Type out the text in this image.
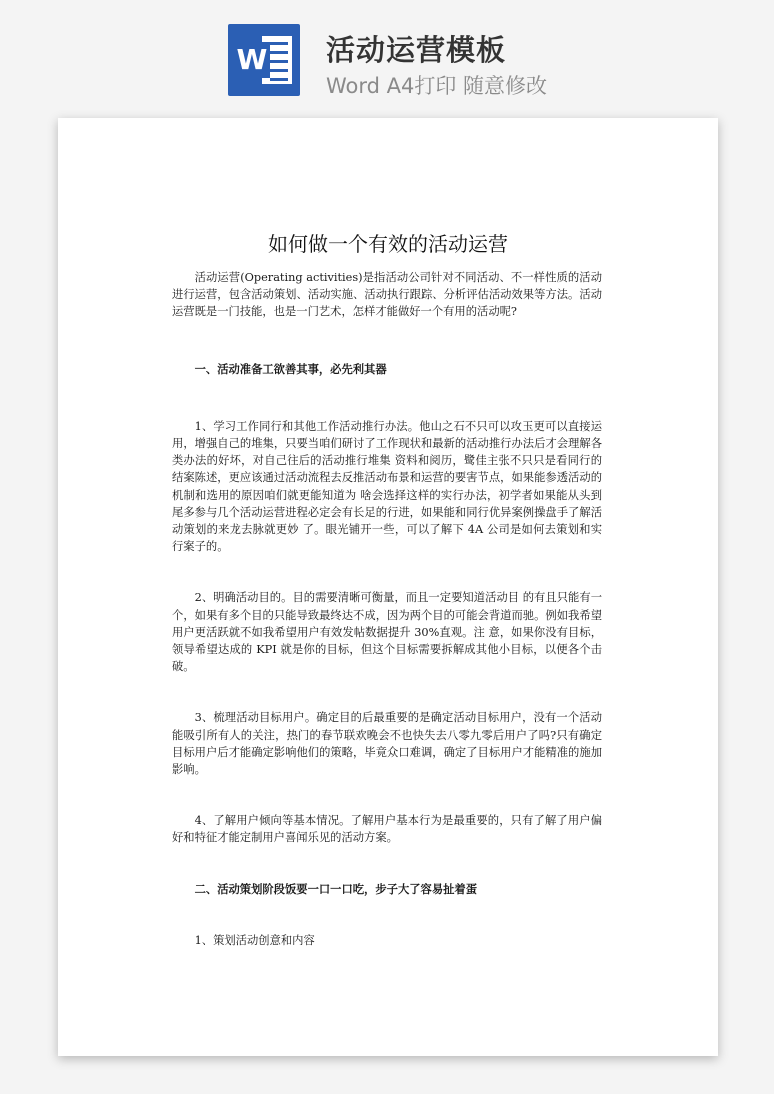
W 活动运营模板
Word A4打印 随意修改
如何做一个有效的活动运营

活动运营(Operating activities)是指活动公司针对不同活动、不一样性质的活动进行运营，包含活动策划、活动实施、活动执行跟踪、分析评估活动效果等方法。活动运营既是一门技能，也是一门艺术，怎样才能做好一个有用的活动呢?

一、活动准备工欲善其事，必先利其器

1、学习工作同行和其他工作活动推行办法。他山之石不只可以攻玉更可以直接运用，增强自己的堆集，只要当咱们研讨了工作现状和最新的活动推行办法后才会理解各类办法的好坏，对自己往后的活动推行堆集 资料和阅历，鹭佳主张不只只是看同行的结案陈述，更应该通过活动流程去反推活动布景和运营的要害节点，如果能参透活动的机制和选用的原因咱们就更能知道为 啥会选择这样的实行办法，初学者如果能从头到尾多参与几个活动运营进程必定会有长足的行进，如果能和同行优异案例操盘手了解活动策划的来龙去脉就更妙 了。眼光铺开一些，可以了解下 4A 公司是如何去策划和实行案子的。

2、明确活动目的。目的需要清晰可衡量，而且一定要知道活动目 的有且只能有一个，如果有多个目的只能导致最终达不成，因为两个目的可能会背道而驰。例如我希望用户更活跃就不如我希望用户有效发帖数据提升 30%直观。注 意，如果你没有目标，领导希望达成的 KPI 就是你的目标，但这个目标需要拆解成其他小目标，以便各个击破。

3、梳理活动目标用户。确定目的后最重要的是确定活动目标用户，没有一个活动能吸引所有人的关注，热门的春节联欢晚会不也快失去八零九零后用户了吗?只有确定目标用户后才能确定影响他们的策略，毕竟众口难调，确定了目标用户才能精准的施加影响。

4、了解用户倾向等基本情况。了解用户基本行为是最重要的，只有了解了用户偏好和特征才能定制用户喜闻乐见的活动方案。

二、活动策划阶段饭要一口一口吃，步子大了容易扯着蛋

1、策划活动创意和内容
